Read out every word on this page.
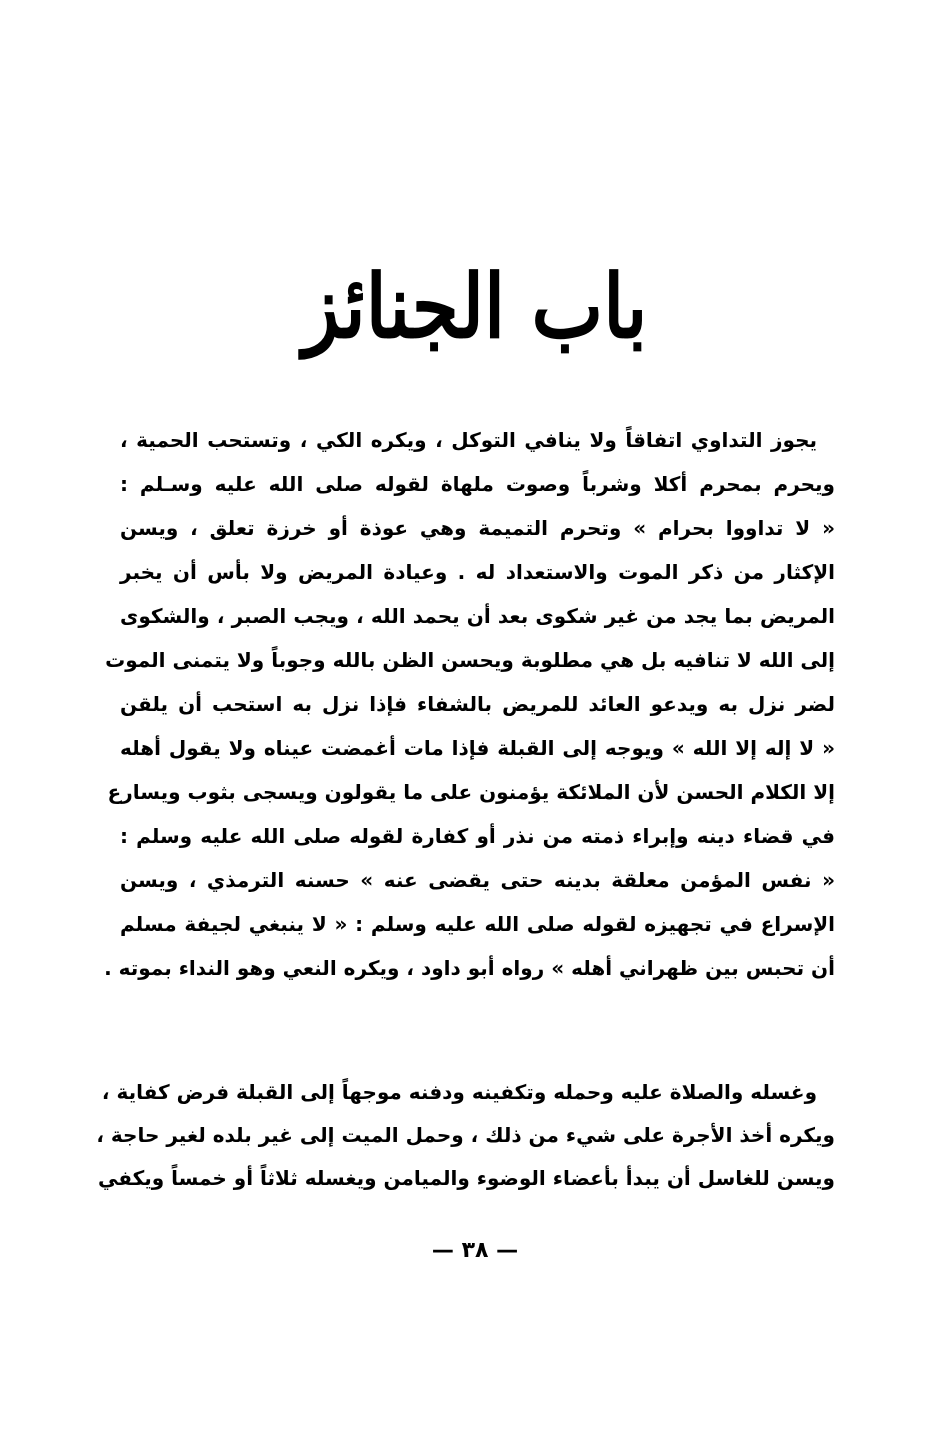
باب الجنائز
يجوز التداوي اتفاقاً ولا ينافي التوكل ، ويكره الكي ، وتستحب الحمية ،
ويحرم بمحرم أكلا وشرباً وصوت ملهاة لقوله صلى الله عليه وسـلم :
« لا تداووا بحرام » وتحرم التميمة وهي عوذة أو خرزة تعلق ، ويسن
الإكثار من ذكر الموت والاستعداد له . وعيادة المريض ولا بأس أن يخبر
المريض بما يجد من غير شكوى بعد أن يحمد الله ، ويجب الصبر ، والشكوى
إلى الله لا تنافيه بل هي مطلوبة ويحسن الظن بالله وجوباً ولا يتمنى الموت
لضر نزل به ويدعو العائد للمريض بالشفاء فإذا نزل به استحب أن يلقن
« لا إله إلا الله » ويوجه إلى القبلة فإذا مات أغمضت عيناه ولا يقول أهله
إلا الكلام الحسن لأن الملائكة يؤمنون على ما يقولون ويسجى بثوب ويسارع
في قضاء دينه وإبراء ذمته من نذر أو كفارة لقوله صلى الله عليه وسلم :
« نفس المؤمن معلقة بدينه حتى يقضى عنه » حسنه الترمذي ، ويسن
الإسراع في تجهيزه لقوله صلى الله عليه وسلم : « لا ينبغي لجيفة مسلم
أن تحبس بين ظهراني أهله » رواه أبو داود ، ويكره النعي وهو النداء بموته .
وغسله والصلاة عليه وحمله وتكفينه ودفنه موجهاً إلى القبلة فرض كفاية ،
ويكره أخذ الأجرة على شيء من ذلك ، وحمل الميت إلى غير بلده لغير حاجة ،
ويسن للغاسل أن يبدأ بأعضاء الوضوء والميامن ويغسله ثلاثاً أو خمساً ويكفي
— ٣٨ —
